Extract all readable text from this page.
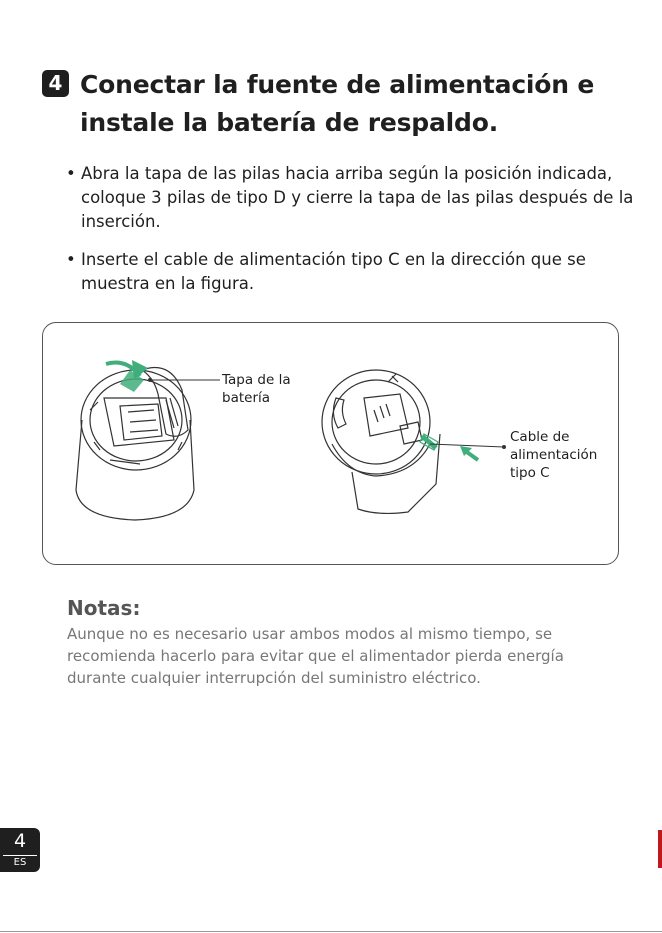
4 Conectar la fuente de alimentación e instale la batería de respaldo.
• Abra la tapa de las pilas hacia arriba según la posición indicada, coloque 3 pilas de tipo D y cierre la tapa de las pilas después de la inserción.
• Inserte el cable de alimentación tipo C en la dirección que se muestra en la figura.
Tapa de la batería
Cable de alimentación tipo C
Notas:
Aunque no es necesario usar ambos modos al mismo tiempo, se recomienda hacerlo para evitar que el alimentador pierda energía durante cualquier interrupción del suministro eléctrico.
4
ES
